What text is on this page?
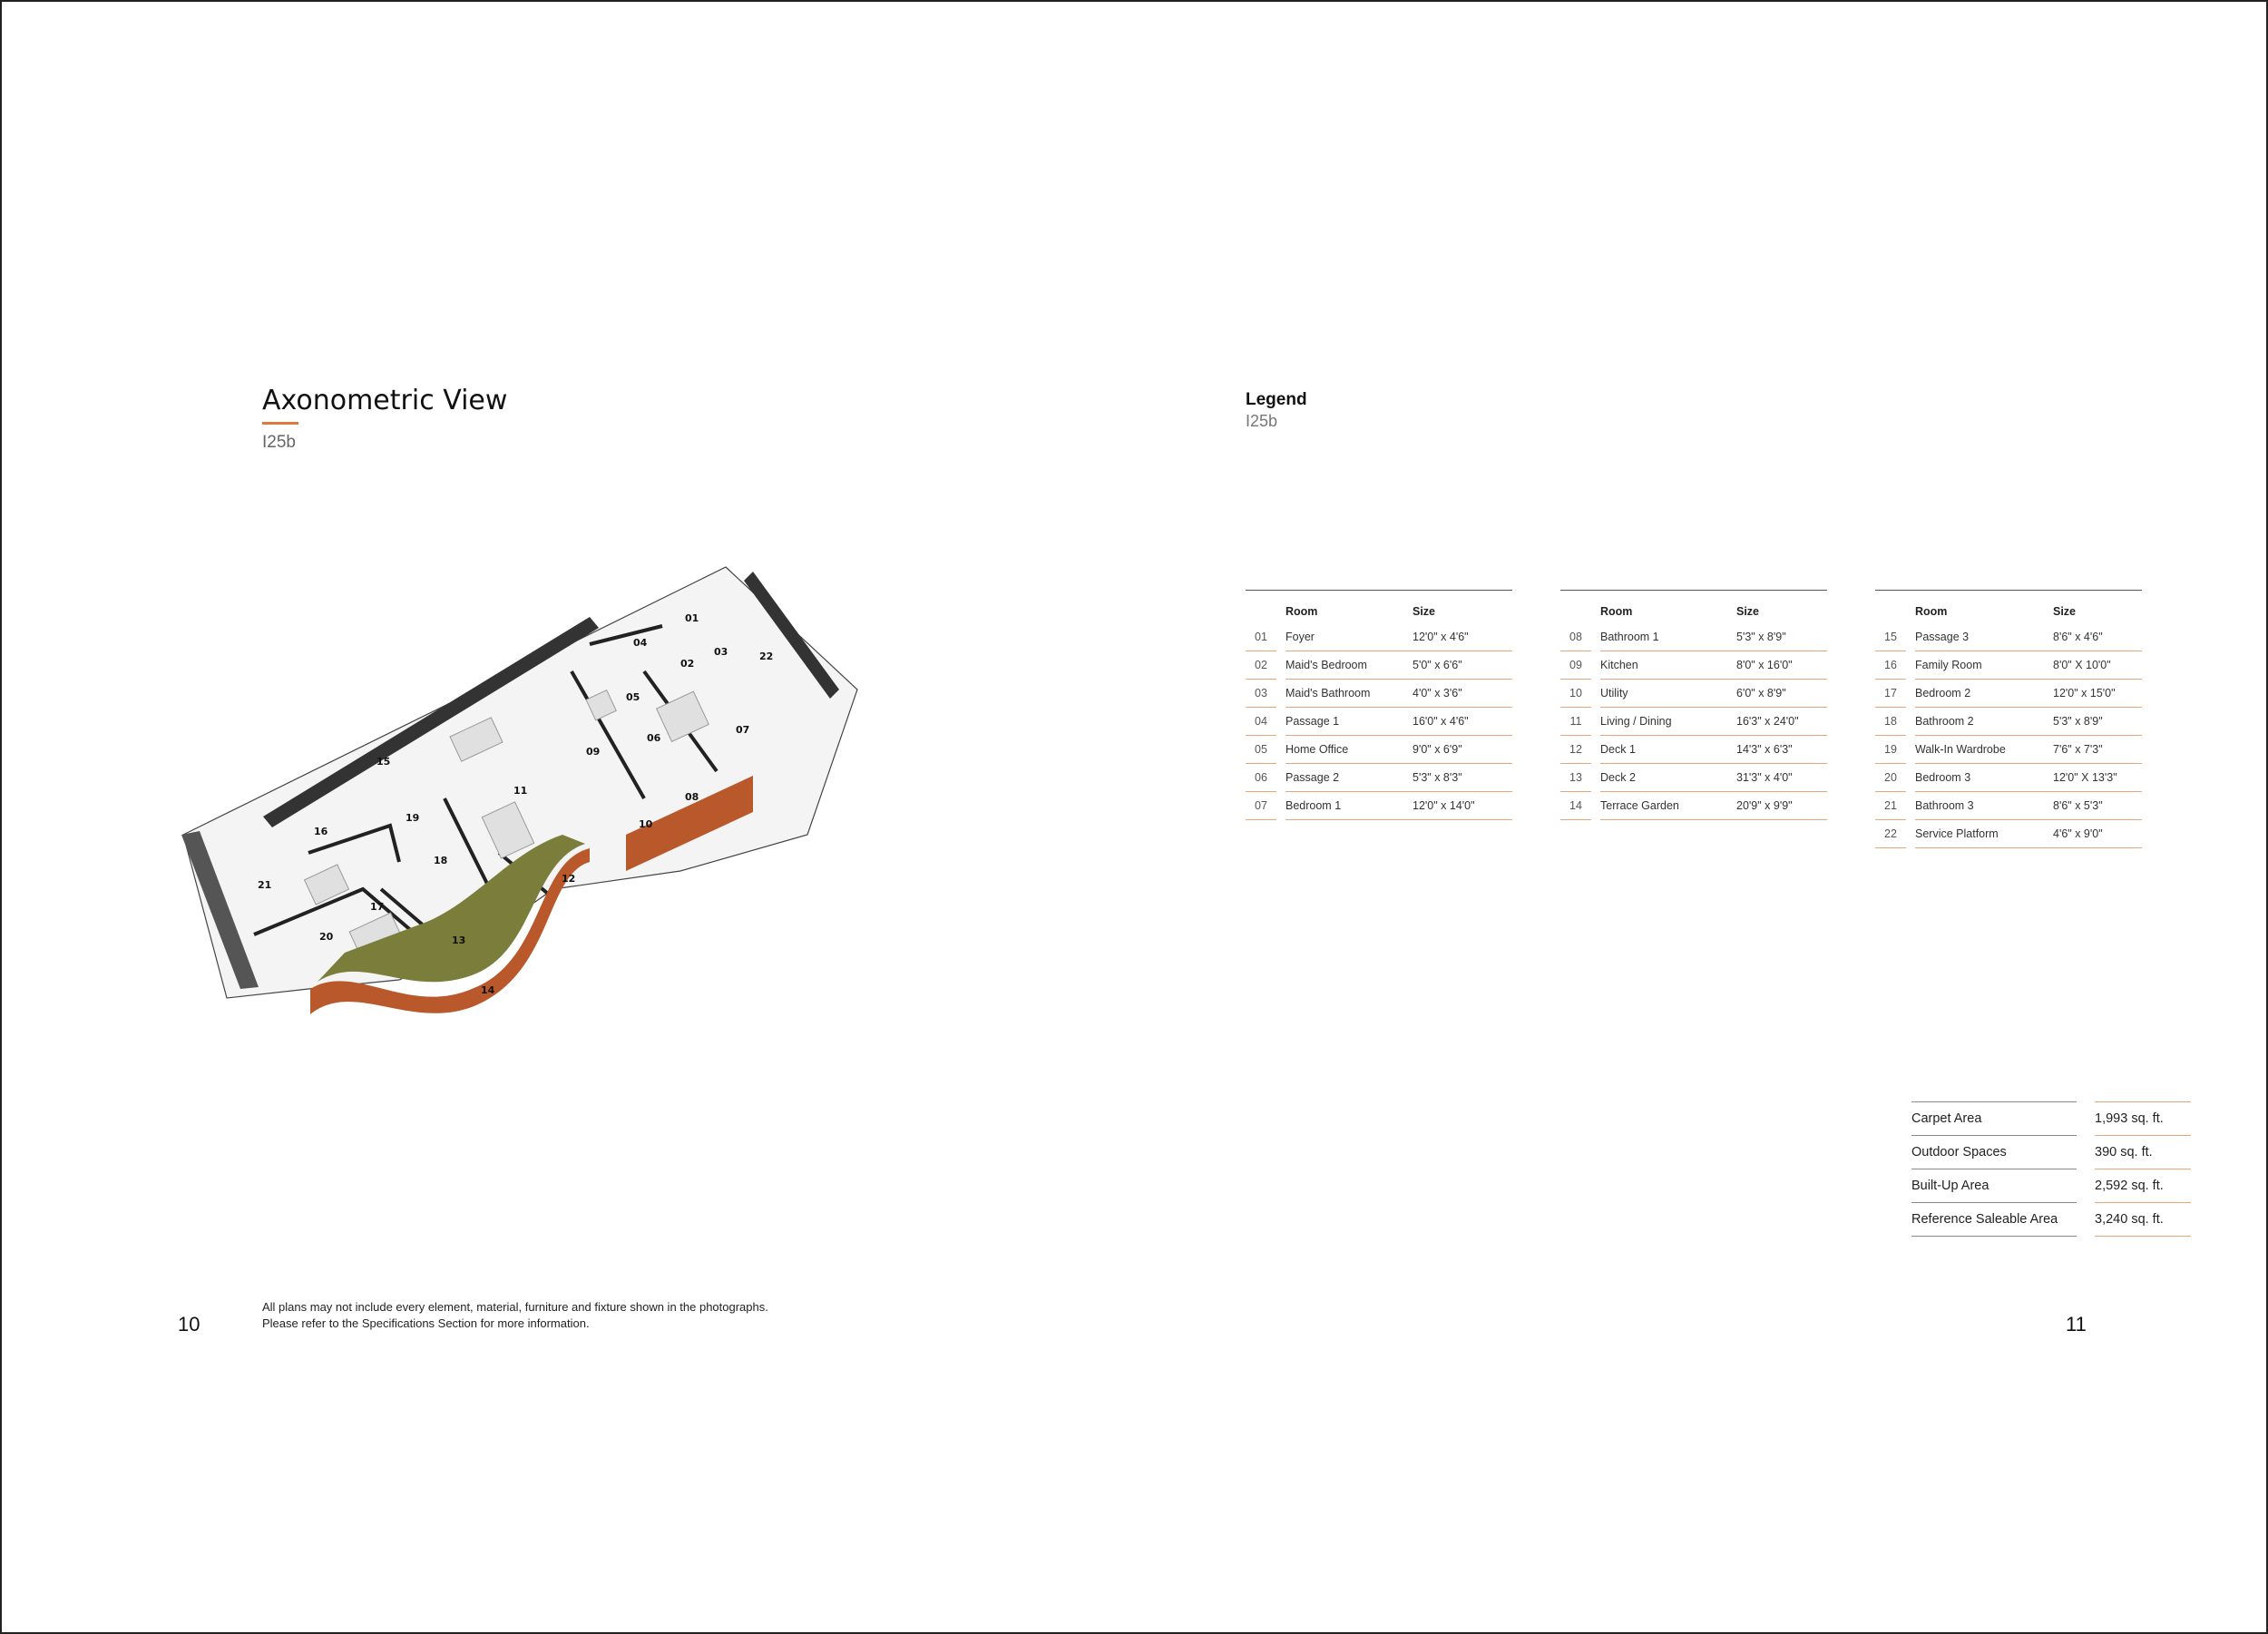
Axonometric View
I25b
01
02
03
04
05
06
07
08
09
10
11
12
13
14
15
16
17
18
19
20
21
22
10
All plans may not include every element, material, furniture and fixture shown in the photographs.
Please refer to the Specifications Section for more information.
Legend
I25b
		Room	Size
01		Foyer	12'0" x 4'6"
02		Maid's Bedroom	5'0" x 6'6"
03		Maid's Bathroom	4'0" x 3'6"
04		Passage 1	16'0" x 4'6"
05		Home Office	9'0" x 6'9"
06		Passage 2	5'3" x 8'3"
07		Bedroom 1	12'0" x 14'0"
		Room	Size
08		Bathroom 1	5'3" x 8'9"
09		Kitchen	8'0" x 16'0"
10		Utility	6'0" x 8'9"
11		Living / Dining	16'3" x 24'0"
12		Deck 1	14'3" x 6'3"
13		Deck 2	31'3" x 4'0"
14		Terrace Garden	20'9" x 9'9"
		Room	Size
15		Passage 3	8'6" x 4'6"
16		Family Room	8'0" X 10'0"
17		Bedroom 2	12'0" x 15'0"
18		Bathroom 2	5'3" x 8'9"
19		Walk-In Wardrobe	7'6" x 7'3"
20		Bedroom 3	12'0" X 13'3"
21		Bathroom 3	8'6" x 5'3"
22		Service Platform	4'6" x 9'0"
Carpet Area		1,993 sq. ft.
Outdoor Spaces		390 sq. ft.
Built-Up Area		2,592 sq. ft.
Reference Saleable Area		3,240 sq. ft.
11
